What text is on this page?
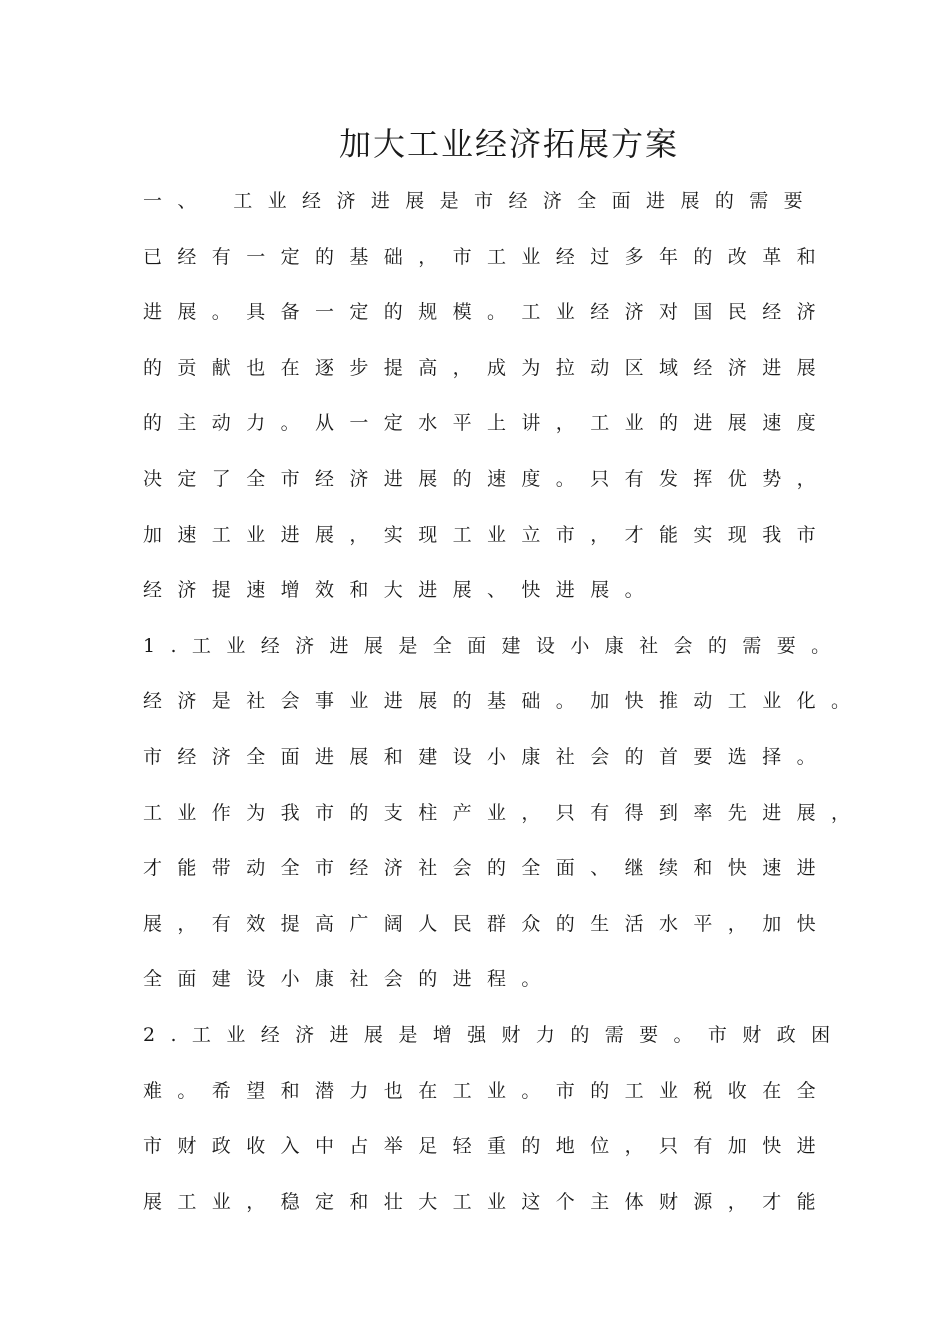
加大工业经济拓展方案
一、 工业经济进展是市经济全面进展的需要
已经有一定的基础，市工业经过多年的改革和
进展。具备一定的规模。工业经济对国民经济
的贡献也在逐步提高，成为拉动区域经济进展
的主动力。从一定水平上讲，工业的进展速度
决定了全市经济进展的速度。只有发挥优势，
加速工业进展，实现工业立市，才能实现我市
经济提速增效和大进展、快进展。
1.工业经济进展是全面建设小康社会的需要。
经济是社会事业进展的基础。加快推动工业化。
市经济全面进展和建设小康社会的首要选择。
工业作为我市的支柱产业，只有得到率先进展，
才能带动全市经济社会的全面、继续和快速进
展，有效提高广阔人民群众的生活水平，加快
全面建设小康社会的进程。
2.工业经济进展是增强财力的需要。市财政困
难。希望和潜力也在工业。市的工业税收在全
市财政收入中占举足轻重的地位，只有加快进
展工业，稳定和壮大工业这个主体财源，才能
